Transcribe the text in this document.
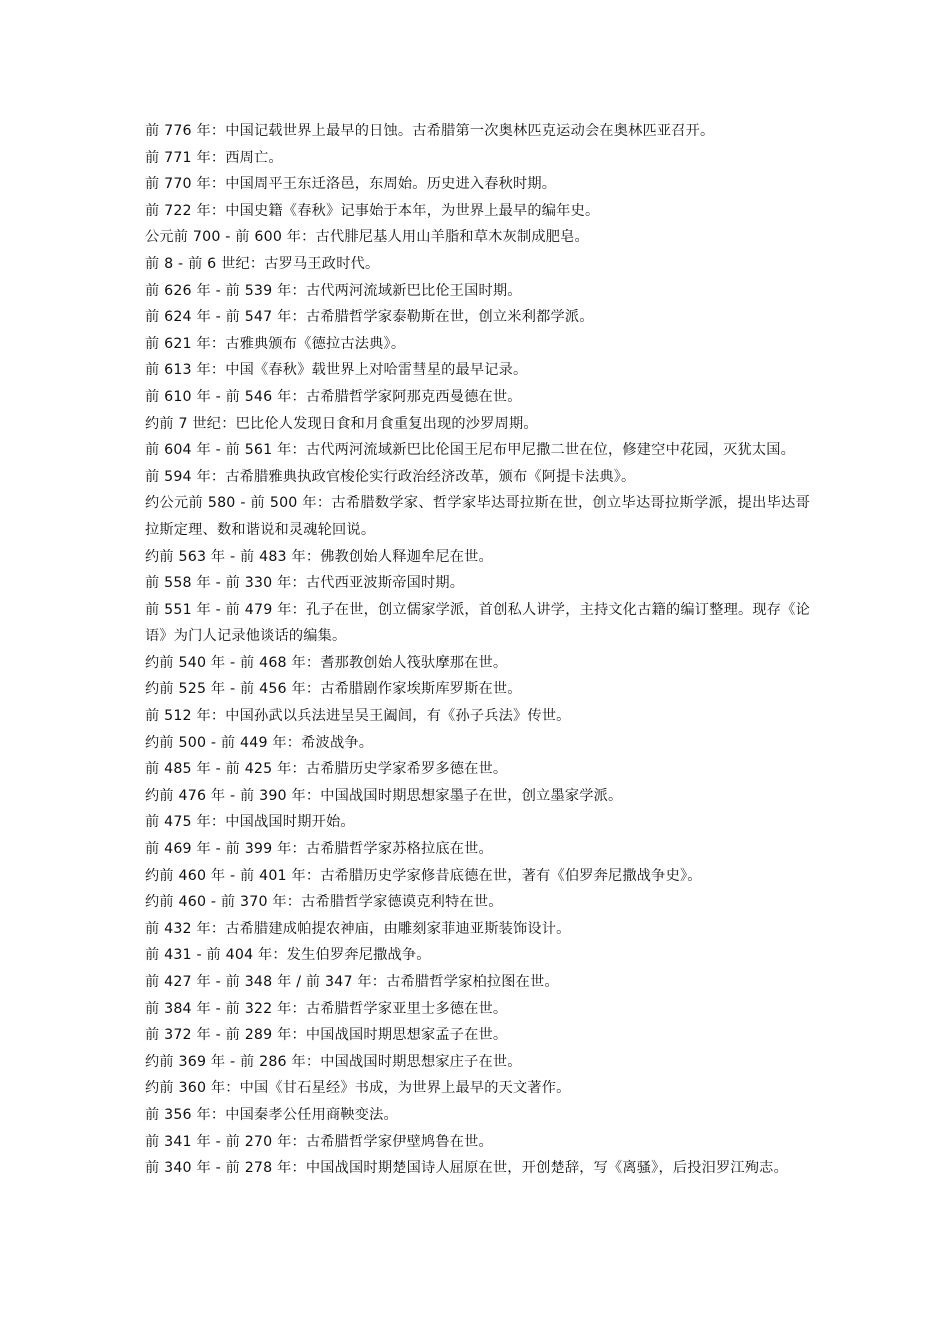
前 776 年：中国记载世界上最早的日蚀。古希腊第一次奥林匹克运动会在奥林匹亚召开。

前 771 年：西周亡。

前 770 年：中国周平王东迁洛邑，东周始。历史进入春秋时期。

前 722 年：中国史籍《春秋》记事始于本年，为世界上最早的编年史。

公元前 700 - 前 600 年：古代腓尼基人用山羊脂和草木灰制成肥皂。

前 8 - 前 6 世纪：古罗马王政时代。

前 626 年 - 前 539 年：古代两河流域新巴比伦王国时期。

前 624 年 - 前 547 年：古希腊哲学家泰勒斯在世，创立米利都学派。

前 621 年：古雅典颁布《德拉古法典》。

前 613 年：中国《春秋》载世界上对哈雷彗星的最早记录。

前 610 年 - 前 546 年：古希腊哲学家阿那克西曼德在世。

约前 7 世纪：巴比伦人发现日食和月食重复出现的沙罗周期。

前 604 年 - 前 561 年：古代两河流域新巴比伦国王尼布甲尼撒二世在位，修建空中花园，灭犹太国。

前 594 年：古希腊雅典执政官梭伦实行政治经济改革，颁布《阿提卡法典》。

约公元前 580 - 前 500 年：古希腊数学家、哲学家毕达哥拉斯在世，创立毕达哥拉斯学派，提出毕达哥拉斯定理、数和谐说和灵魂轮回说。

约前 563 年 - 前 483 年：佛教创始人释迦牟尼在世。

前 558 年 - 前 330 年：古代西亚波斯帝国时期。

前 551 年 - 前 479 年：孔子在世，创立儒家学派，首创私人讲学，主持文化古籍的编订整理。现存《论语》为门人记录他谈话的编集。

约前 540 年 - 前 468 年：耆那教创始人筏驮摩那在世。

约前 525 年 - 前 456 年：古希腊剧作家埃斯库罗斯在世。

前 512 年：中国孙武以兵法进呈吴王阖闾，有《孙子兵法》传世。

约前 500 - 前 449 年：希波战争。

前 485 年 - 前 425 年：古希腊历史学家希罗多德在世。

约前 476 年 - 前 390 年：中国战国时期思想家墨子在世，创立墨家学派。

前 475 年：中国战国时期开始。

前 469 年 - 前 399 年：古希腊哲学家苏格拉底在世。

约前 460 年 - 前 401 年：古希腊历史学家修昔底德在世，著有《伯罗奔尼撒战争史》。

约前 460 - 前 370 年：古希腊哲学家德谟克利特在世。

前 432 年：古希腊建成帕提农神庙，由雕刻家菲迪亚斯装饰设计。

前 431 - 前 404 年：发生伯罗奔尼撒战争。

前 427 年 - 前 348 年 / 前 347 年：古希腊哲学家柏拉图在世。

前 384 年 - 前 322 年：古希腊哲学家亚里士多德在世。

前 372 年 - 前 289 年：中国战国时期思想家孟子在世。

约前 369 年 - 前 286 年：中国战国时期思想家庄子在世。

约前 360 年：中国《甘石星经》书成，为世界上最早的天文著作。

前 356 年：中国秦孝公任用商鞅变法。

前 341 年 - 前 270 年：古希腊哲学家伊壁鸠鲁在世。

前 340 年 - 前 278 年：中国战国时期楚国诗人屈原在世，开创楚辞，写《离骚》，后投汨罗江殉志。
